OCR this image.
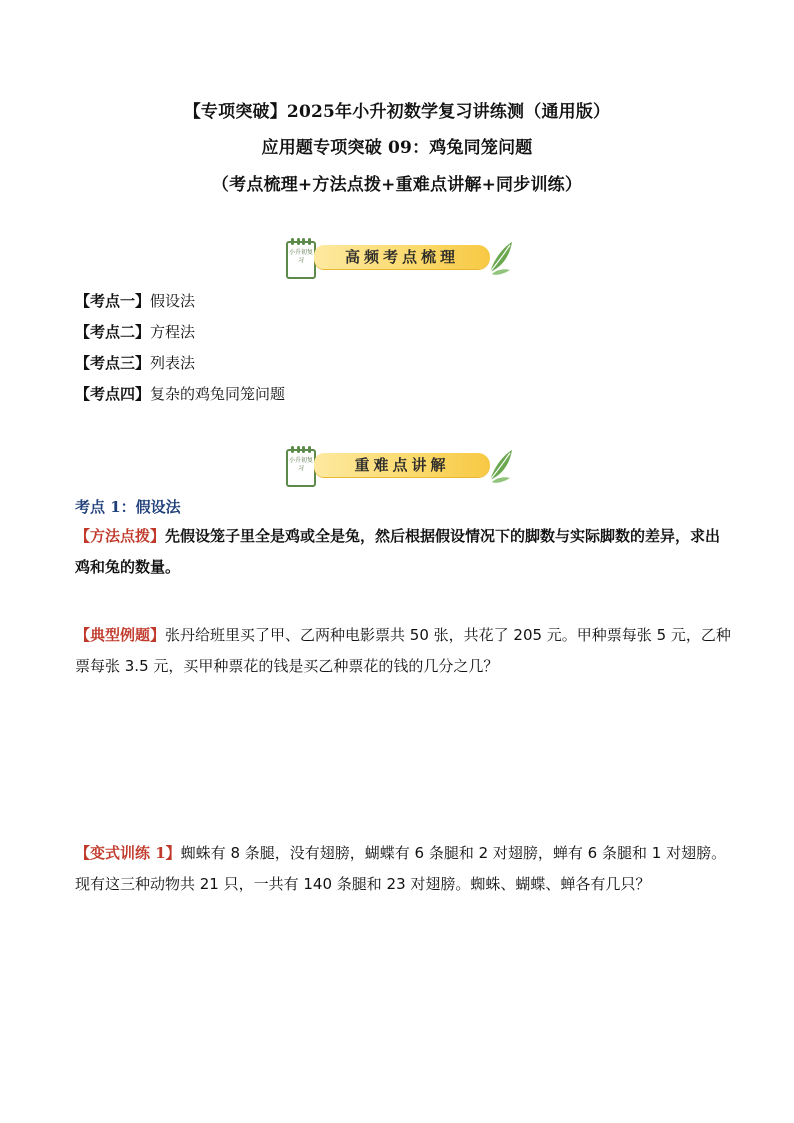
【专项突破】2025年小升初数学复习讲练测（通用版）
应用题专项突破 09：鸡兔同笼问题
（考点梳理+方法点拨+重难点讲解+同步训练）
小升初复习	高频考点梳理
【考点一】假设法
【考点二】方程法
【考点三】列表法
【考点四】复杂的鸡兔同笼问题
小升初复习	重难点讲解
考点 1：假设法
【方法点拨】先假设笼子里全是鸡或全是兔，然后根据假设情况下的脚数与实际脚数的差异，求出鸡和兔的数量。
【典型例题】张丹给班里买了甲、乙两种电影票共 50 张，共花了 205 元。甲种票每张 5 元，乙种票每张 3.5 元，买甲种票花的钱是买乙种票花的钱的几分之几？
【变式训练 1】蜘蛛有 8 条腿，没有翅膀，蝴蝶有 6 条腿和 2 对翅膀，蝉有 6 条腿和 1 对翅膀。现有这三种动物共 21 只，一共有 140 条腿和 23 对翅膀。蜘蛛、蝴蝶、蝉各有几只？
